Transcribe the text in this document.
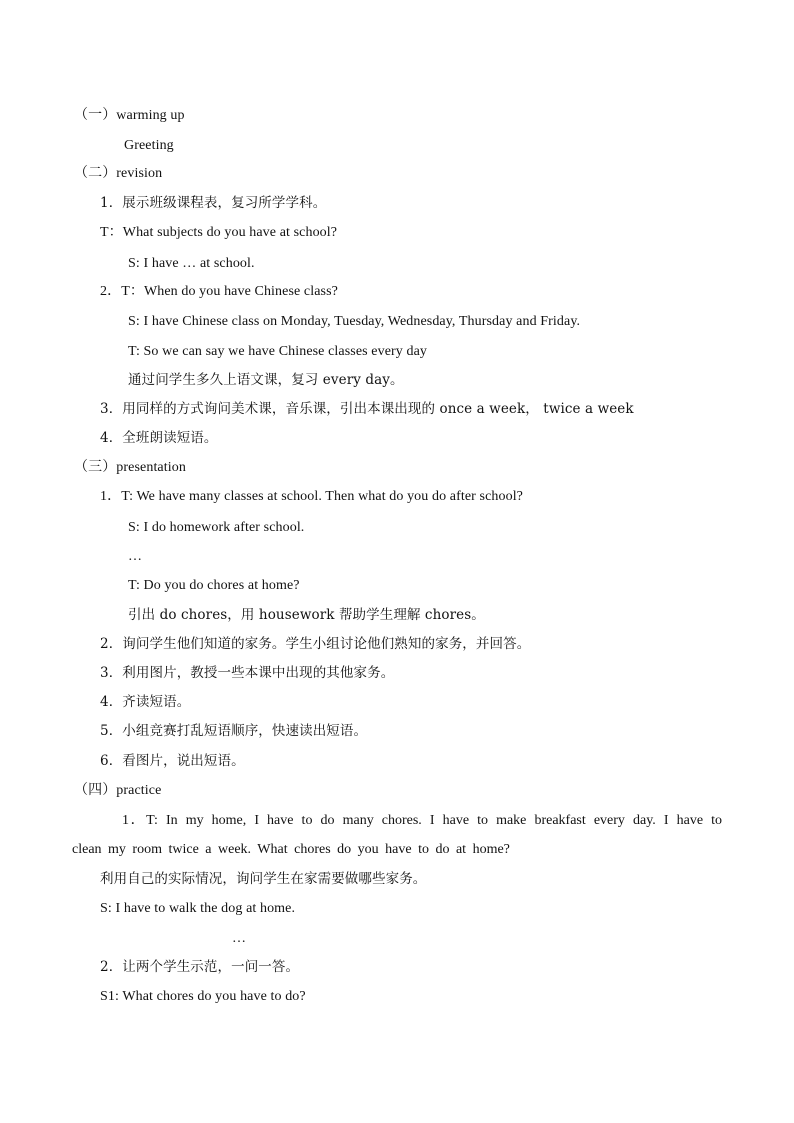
（一）warming up
Greeting
（二）revision
1．展示班级课程表，复习所学学科。
T：What subjects do you have at school?
S: I have … at school.
2．T：When do you have Chinese class?
S: I have Chinese class on Monday, Tuesday, Wednesday, Thursday and Friday.
T: So we can say we have Chinese classes every day
通过问学生多久上语文课，复习 every day。
3．用同样的方式询问美术课，音乐课，引出本课出现的 once a week， twice a week
4．全班朗读短语。
（三）presentation
1．T: We have many classes at school. Then what do you do after school?
S: I do homework after school.
…
T: Do you do chores at home?
引出 do chores，用 housework 帮助学生理解 chores。
2．询问学生他们知道的家务。学生小组讨论他们熟知的家务，并回答。
3．利用图片，教授一些本课中出现的其他家务。
4．齐读短语。
5．小组竞赛打乱短语顺序，快速读出短语。
6．看图片，说出短语。
（四）practice
1．T: In my home, I have to do many chores. I have to make breakfast every day. I have to clean my room twice a week. What chores do you have to do at home?
利用自己的实际情况，询问学生在家需要做哪些家务。
S: I have to walk the dog at home.
…
2．让两个学生示范，一问一答。
S1: What chores do you have to do?
